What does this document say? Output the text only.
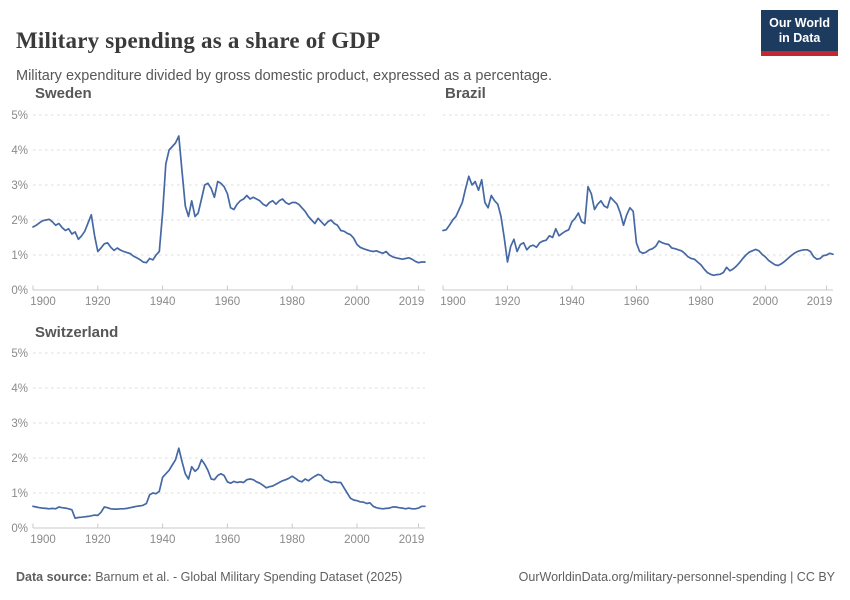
Military spending as a share of GDP
Our World
in Data

Military expenditure divided by gross domestic product, expressed as a percentage.

Sweden	Brazil
Switzerland
0%
1%
2%
3%
4%
5%
1900	1920	1940	1960	1980	2000	2019 1900	1920	1940	1960	1980	2000 2019
0%
1%
2%
3%
4%
5%
1900	1920	1940	1960	1980	2000	2019
Data source: Barnum et al. - Global Military Spending Dataset (2025)	OurWorldinData.org/military-personnel-spending | CC BY
